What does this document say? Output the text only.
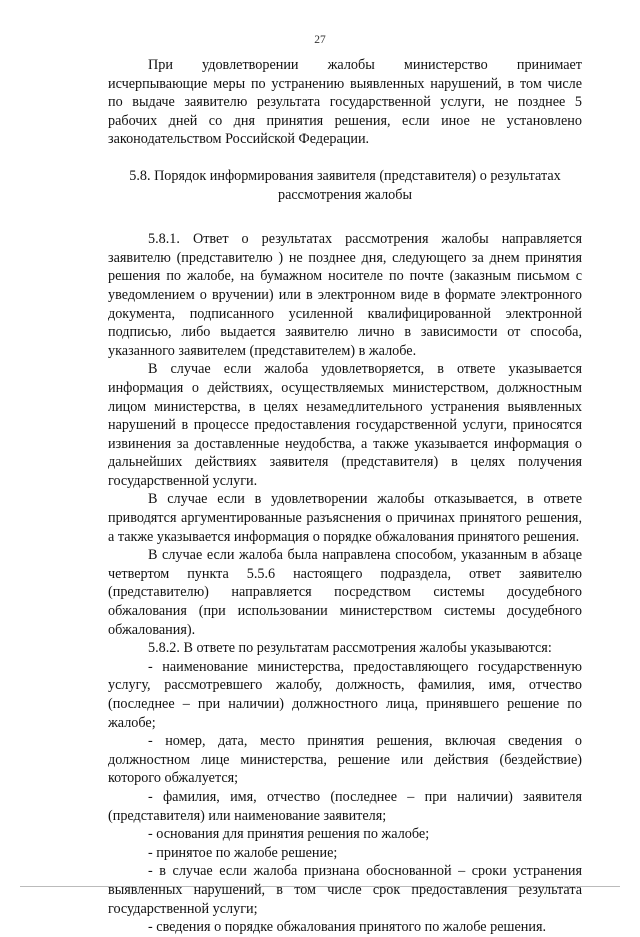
27

При удовлетворении жалобы министерство принимает исчерпывающие меры по устранению выявленных нарушений, в том числе по выдаче заявителю результата государственной услуги, не позднее 5 рабочих дней со дня принятия решения, если иное не установлено законодательством Российской Федерации.

5.8. Порядок информирования заявителя (представителя) о результатах рассмотрения жалобы

5.8.1. Ответ о результатах рассмотрения жалобы направляется заявителю (представителю ) не позднее дня, следующего за днем принятия решения по жалобе, на бумажном носителе по почте (заказным письмом с уведомлением о вручении) или в электронном виде в формате электронного документа, подписанного усиленной квалифицированной электронной подписью, либо выдается заявителю лично в зависимости от способа, указанного заявителем (представителем) в жалобе.

В случае если жалоба удовлетворяется, в ответе указывается информация о действиях, осуществляемых министерством, должностным лицом министерства, в целях незамедлительного устранения выявленных нарушений в процессе предоставления государственной услуги, приносятся извинения за доставленные неудобства, а также указывается информация о дальнейших действиях заявителя (представителя) в целях получения государственной услуги.

В случае если в удовлетворении жалобы отказывается, в ответе приводятся аргументированные разъяснения о причинах принятого решения, а также указывается информация о порядке обжалования принятого решения.

В случае если жалоба была направлена способом, указанным в абзаце четвертом пункта 5.5.6 настоящего подраздела, ответ заявителю (представителю) направляется посредством системы досудебного обжалования (при использовании министерством системы досудебного обжалования).

5.8.2. В ответе по результатам рассмотрения жалобы указываются:

- наименование министерства, предоставляющего государственную услугу, рассмотревшего жалобу, должность, фамилия, имя, отчество (последнее – при наличии) должностного лица, принявшего решение по жалобе;

- номер, дата, место принятия решения, включая сведения о должностном лице министерства, решение или действия (бездействие) которого обжалуется;

- фамилия, имя, отчество (последнее – при наличии) заявителя (представителя) или наименование заявителя;

- основания для принятия решения по жалобе;

- принятое по жалобе решение;

- в случае если жалоба признана обоснованной – сроки устранения выявленных нарушений, в том числе срок предоставления результата государственной услуги;

- сведения о порядке обжалования принятого по жалобе решения.
